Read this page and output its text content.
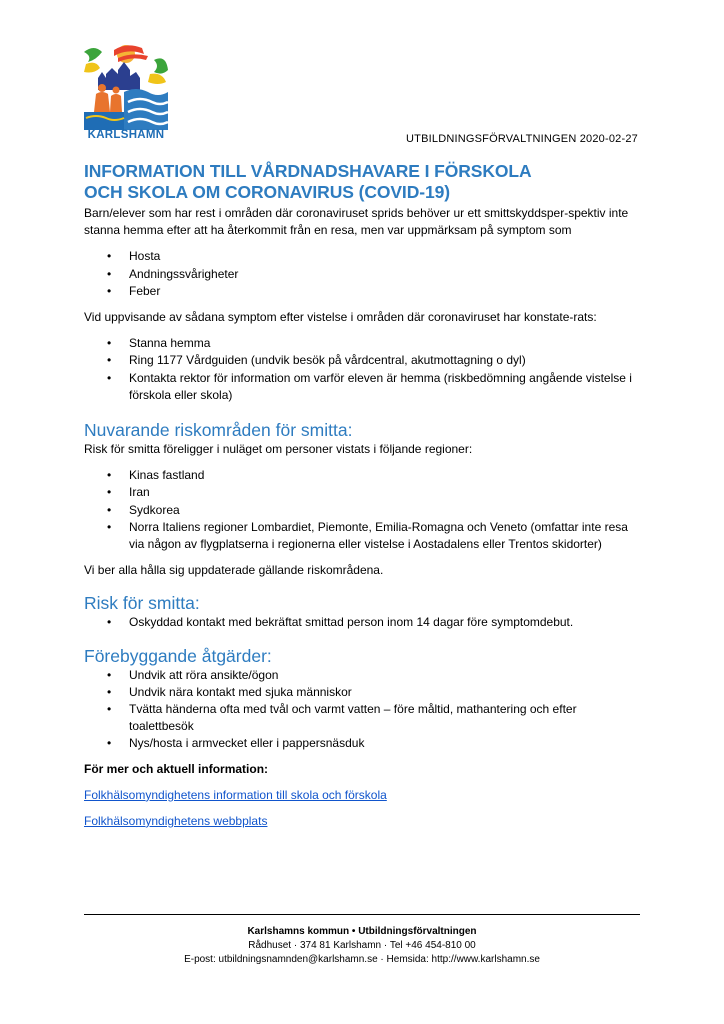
KARLSHAMN	UTBILDNINGSFÖRVALTNINGEN 2020-02-27
INFORMATION TILL VÅRDNADSHAVARE I FÖRSKOLA
OCH SKOLA OM CORONAVIRUS (COVID-19)

Barn/elever som har rest i områden där coronaviruset sprids behöver ur ett smittskyddsper-spektiv inte stanna hemma efter att ha återkommit från en resa, men var uppmärksam på symptom som

• Hosta
• Andningssvårigheter
• Feber

Vid uppvisande av sådana symptom efter vistelse i områden där coronaviruset har konstate-rats:

• Stanna hemma
• Ring 1177 Vårdguiden (undvik besök på vårdcentral, akutmottagning o dyl)
• Kontakta rektor för information om varför eleven är hemma (riskbedömning angående vistelse i förskola eller skola)
Nuvarande riskområden för smitta:

Risk för smitta föreligger i nuläget om personer vistats i följande regioner:

• Kinas fastland
• Iran
• Sydkorea
• Norra Italiens regioner Lombardiet, Piemonte, Emilia-Romagna och Veneto (omfattar inte resa via någon av flygplatserna i regionerna eller vistelse i Aostadalens eller Trentos skidorter)

Vi ber alla hålla sig uppdaterade gällande riskområdena.

Risk för smitta:
• Oskyddad kontakt med bekräftat smittad person inom 14 dagar före symptomdebut.
Förebyggande åtgärder:
• Undvik att röra ansikte/ögon
• Undvik nära kontakt med sjuka människor
• Tvätta händerna ofta med tvål och varmt vatten – före måltid, mathantering och efter toalettbesök
• Nys/hosta i armvecket eller i pappersnäsduk

För mer och aktuell information:

Folkhälsomyndighetens information till skola och förskola
Folkhälsomyndighetens webbplats
Karlshamns kommun • Utbildningsförvaltningen
Rådhuset · 374 81 Karlshamn · Tel +46 454-810 00
E-post: utbildningsnamnden@karlshamn.se · Hemsida: http://www.karlshamn.se
